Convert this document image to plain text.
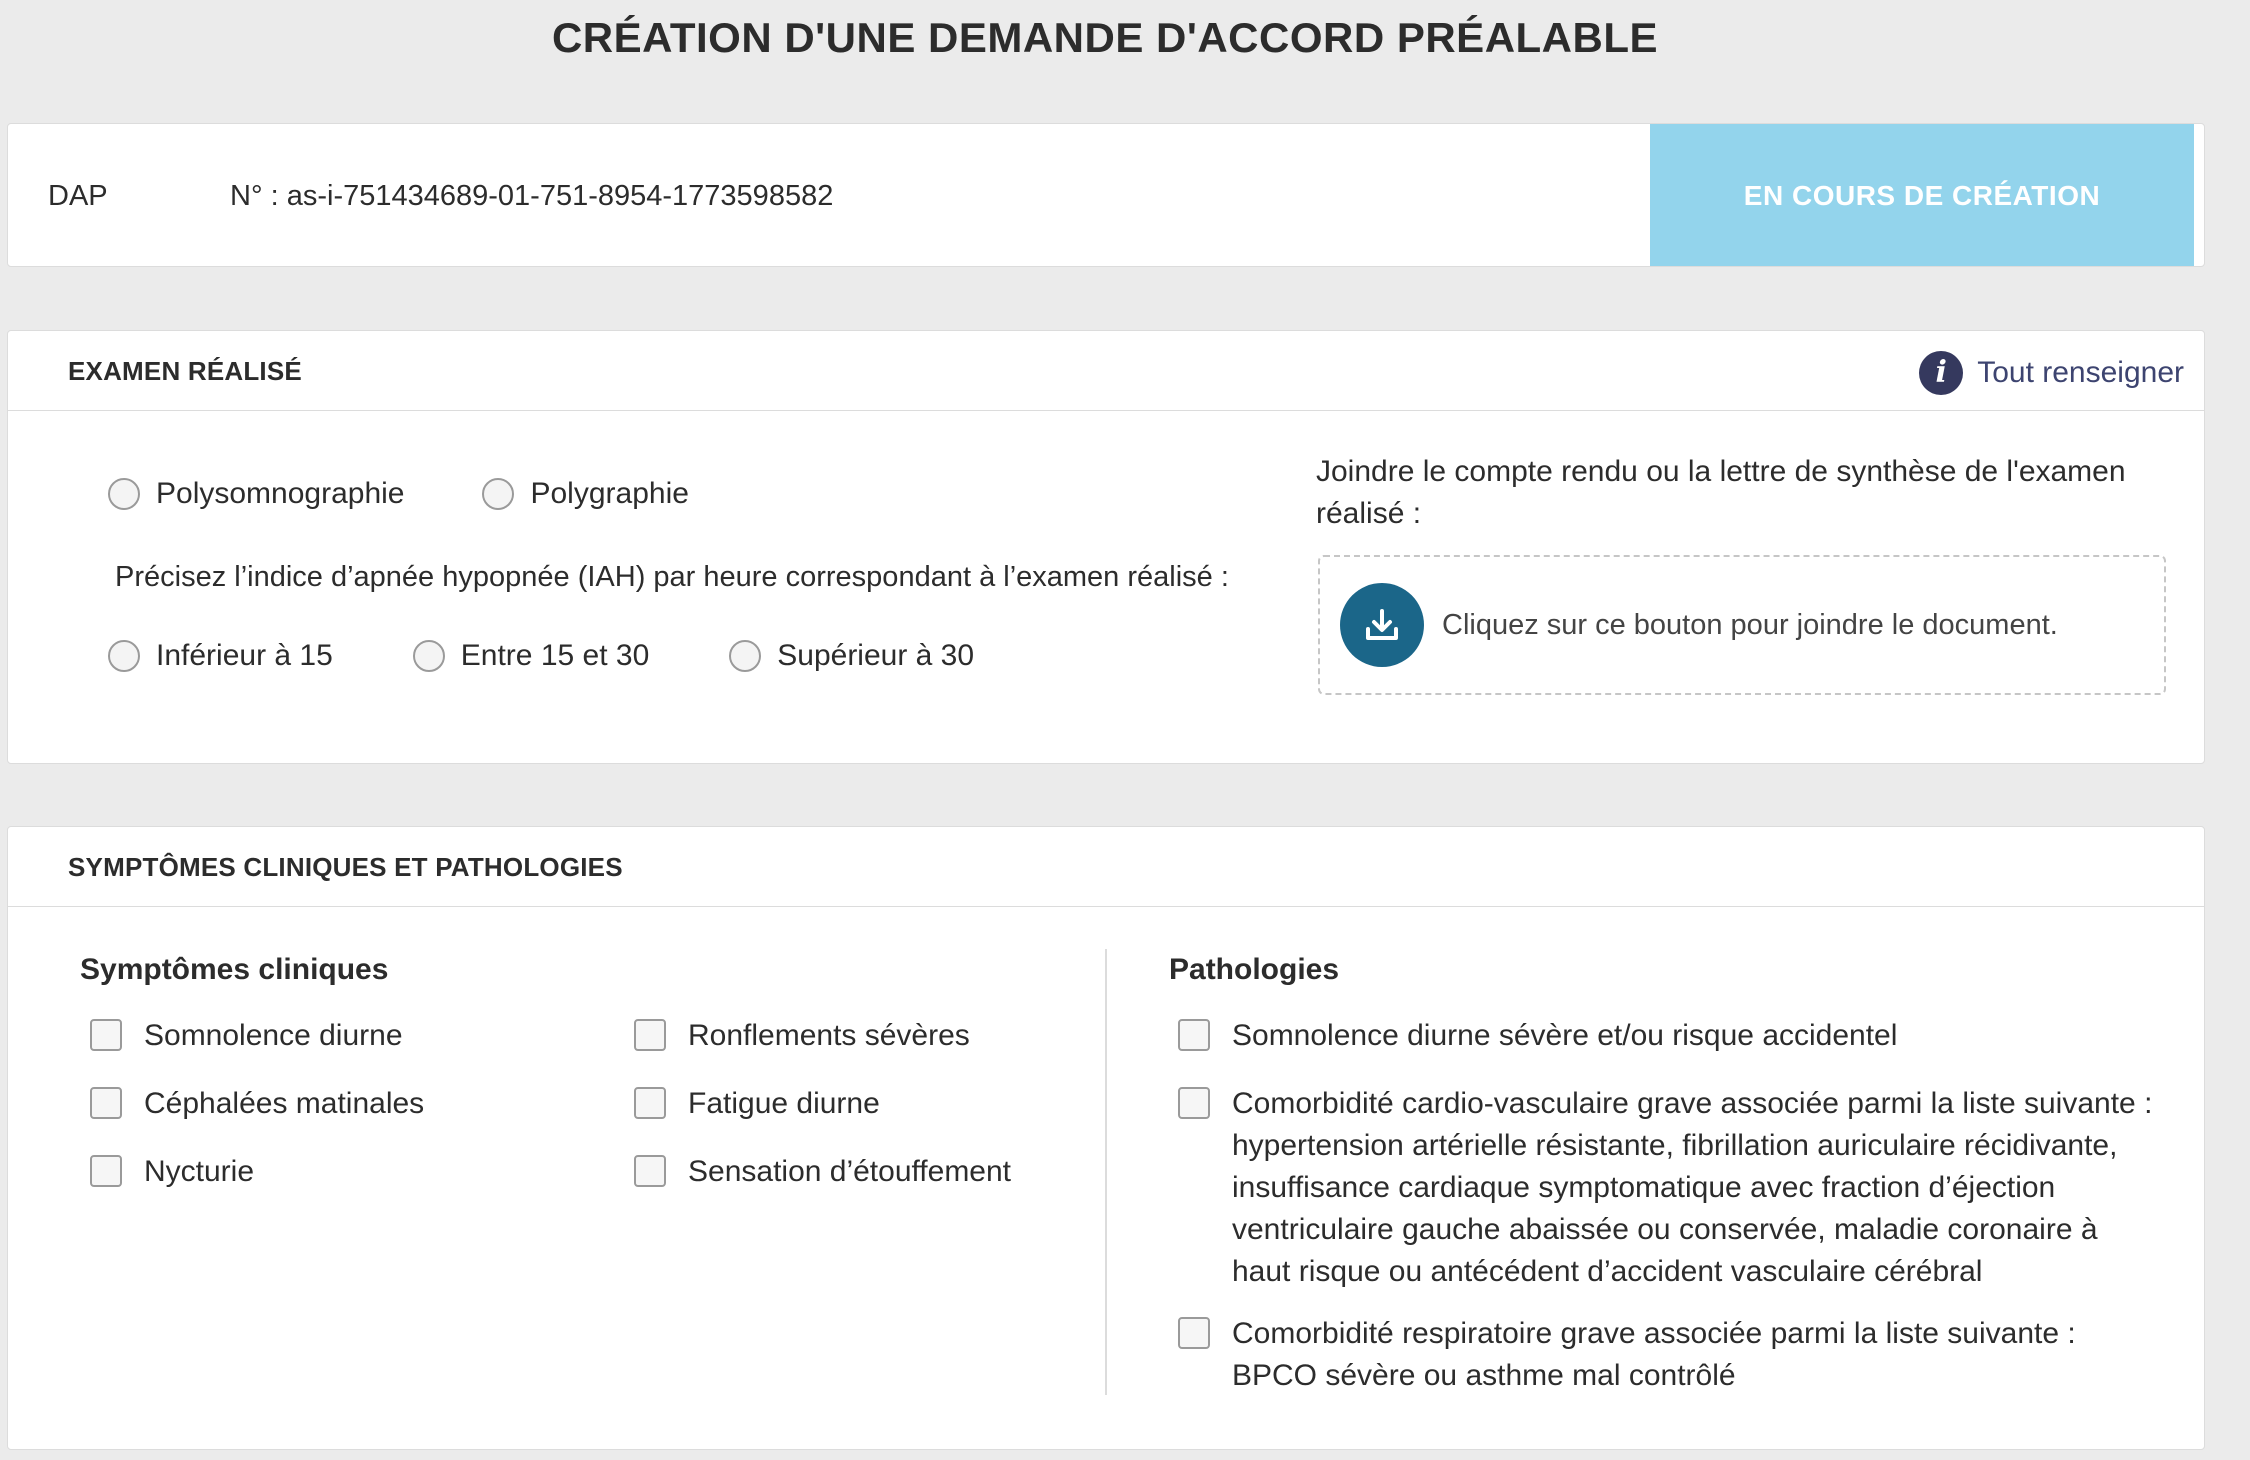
CRÉATION D'UNE DEMANDE D'ACCORD PRÉALABLE
DAP	N° : as-i-751434689-01-751-8954-1773598582	EN COURS DE CRÉATION
EXAMEN RÉALISÉ	i	Tout renseigner
Polysomnographie	Polygraphie
Précisez l’indice d’apnée hypopnée (IAH) par heure correspondant à l’examen réalisé :
Inférieur à 15	Entre 15 et 30	Supérieur à 30
Joindre le compte rendu ou la lettre de synthèse de l'examen réalisé :
Cliquez sur ce bouton pour joindre le document.
SYMPTÔMES CLINIQUES ET PATHOLOGIES
Symptômes cliniques
Somnolence diurne
Céphalées matinales
Nycturie
Ronflements sévères
Fatigue diurne
Sensation d’étouffement
Pathologies
Somnolence diurne sévère et/ou risque accidentel
Comorbidité cardio-vasculaire grave associée parmi la liste suivante : hypertension artérielle résistante, fibrillation auriculaire récidivante, insuffisance cardiaque symptomatique avec fraction d’éjection ventriculaire gauche abaissée ou conservée, maladie coronaire à haut risque ou antécédent d’accident vasculaire cérébral
Comorbidité respiratoire grave associée parmi la liste suivante : BPCO sévère ou asthme mal contrôlé
